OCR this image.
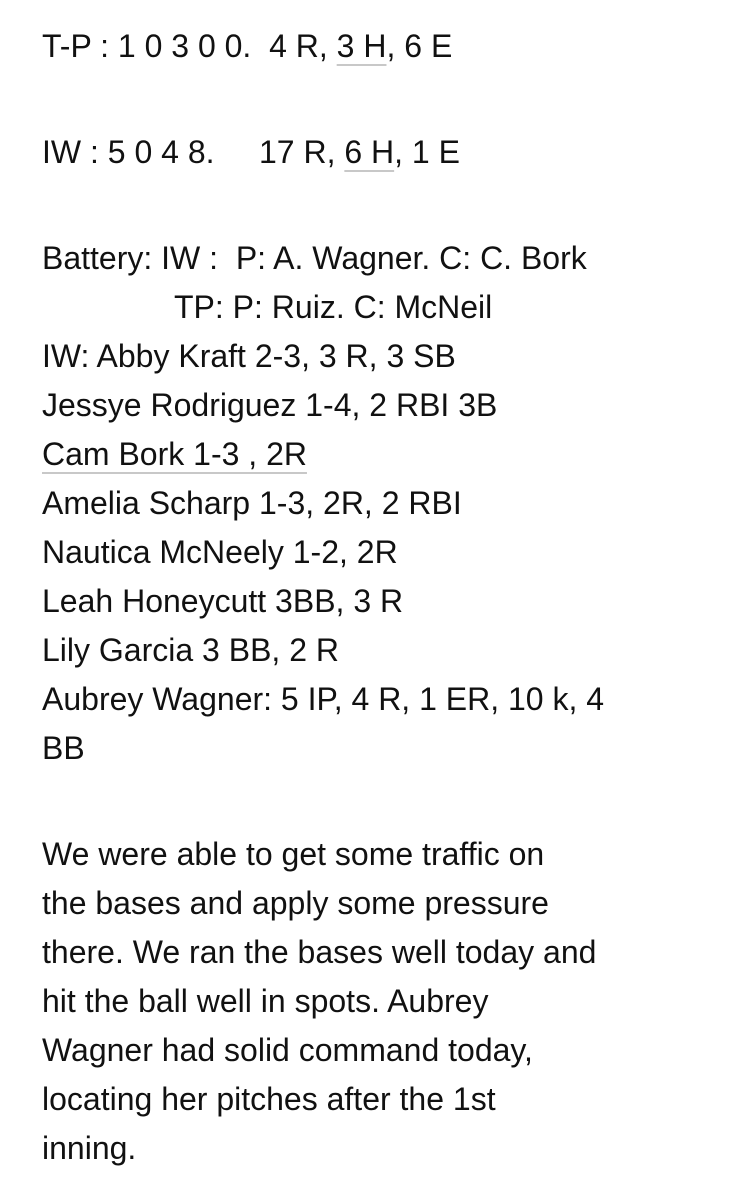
T-P : 1 0 3 0 0.  4 R, 3 H, 6 E
IW : 5 0 4 8.     17 R, 6 H, 1 E
Battery: IW :  P: A. Wagner. C: C. Bork
TP: P: Ruiz. C: McNeil
IW: Abby Kraft 2-3, 3 R, 3 SB
Jessye Rodriguez 1-4, 2 RBI 3B
Cam Bork 1-3 , 2R
Amelia Scharp 1-3, 2R, 2 RBI
Nautica McNeely 1-2, 2R
Leah Honeycutt 3BB, 3 R
Lily Garcia 3 BB, 2 R
Aubrey Wagner: 5 IP, 4 R, 1 ER, 10 k, 4
BB
We were able to get some traffic on
the bases and apply some pressure
there. We ran the bases well today and
hit the ball well in spots. Aubrey
Wagner had solid command today,
locating her pitches after the 1st
inning.
